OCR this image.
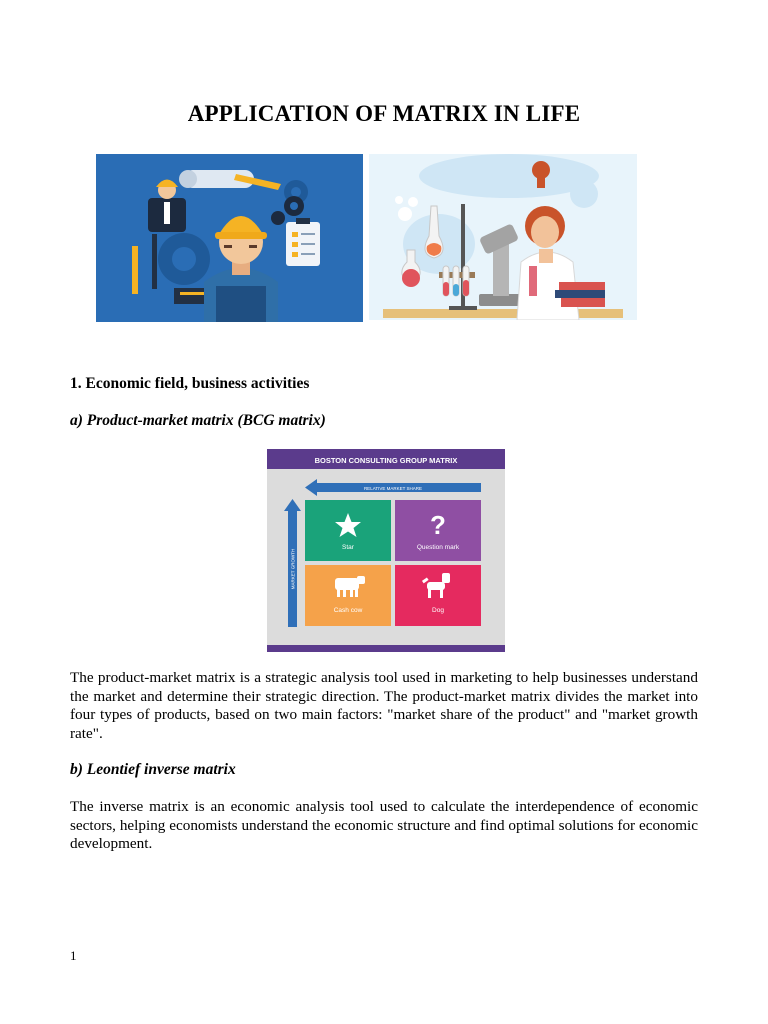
APPLICATION OF MATRIX IN LIFE
1. Economic field, business activities
a) Product-market matrix (BCG matrix)
BOSTON CONSULTING GROUP MATRIX
RELATIVE MARKET SHARE
MARKET GROWTH
?
Star	Question mark
Cash cow	Dog
The product-market matrix is a strategic analysis tool used in marketing to help businesses understand the market and determine their strategic direction. The product-market matrix divides the market into four types of products, based on two main factors: "market share of the product" and "market growth rate".
b) Leontief inverse matrix
The inverse matrix is an economic analysis tool used to calculate the interdependence of economic sectors, helping economists understand the economic structure and find optimal solutions for economic development.
1
